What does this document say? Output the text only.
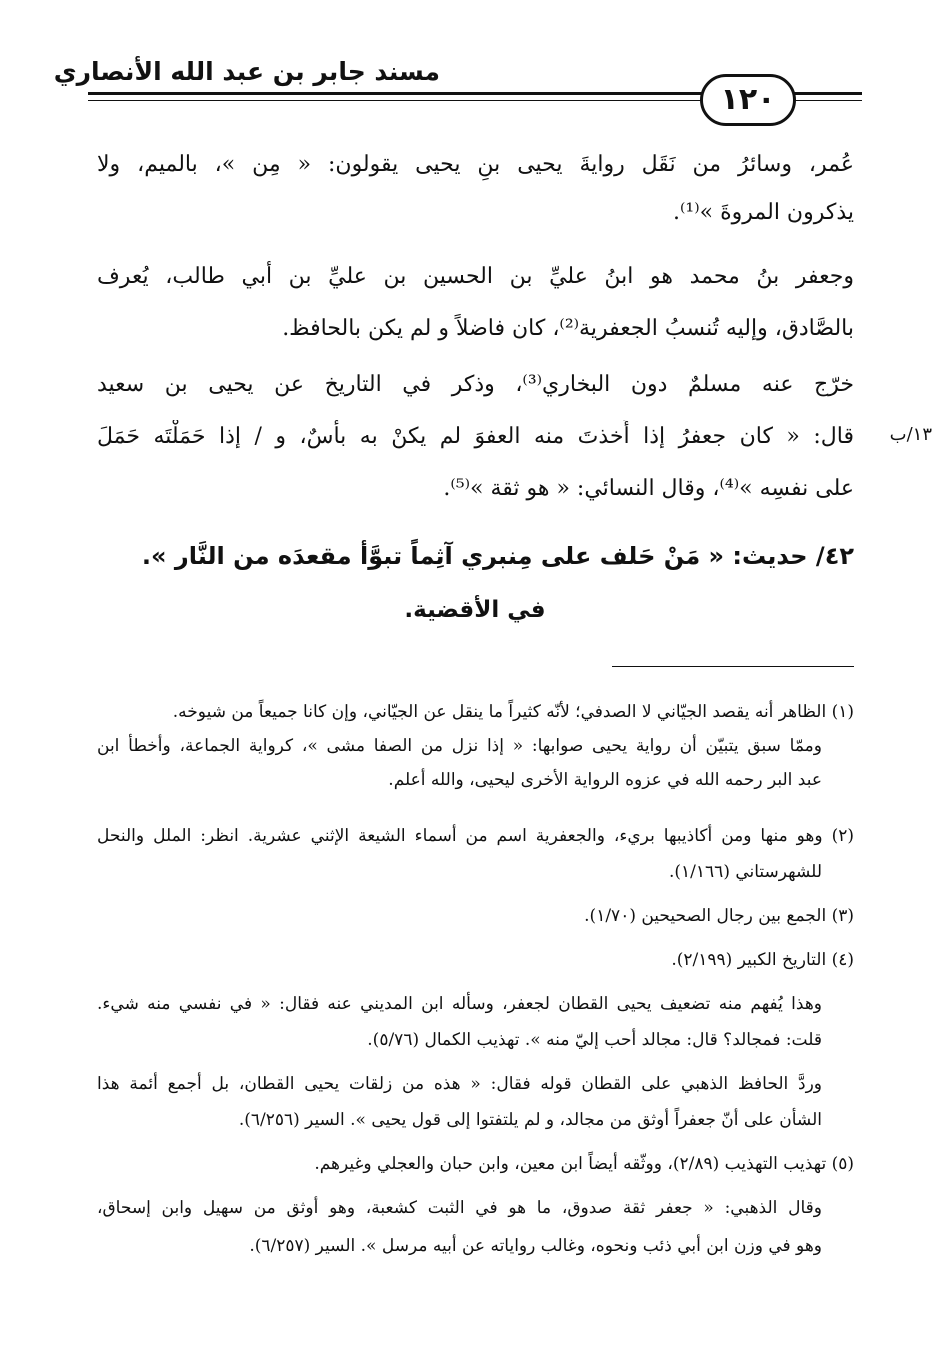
مسند جابر بن عبد الله الأنصاري
١٢٠
عُمر، وسائرُ من نَقَل روايةَ يحيى بنِ يحيى يقولون: « مِن »، بالميم، ولا
يذكرون المروةَ »⁽¹⁾.
وجعفر بنُ محمد هو ابنُ عليِّ بن الحسين بن عليِّ بن أبي طالب، يُعرف
بالصَّادق، وإليه تُنسبُ الجعفرية⁽²⁾، كان فاضلاً و لم يكن بالحافظ.
خرّج عنه مسلمٌ دون البخاري⁽³⁾، وذكر في التاريخ عن يحيى بن سعيد
قال: « كان جعفرُ إذا أَخذتَ منه العفوَ لم يكنْ به بأسٌ، و / إذا حَمَلْتَه حَمَلَ
على نفسِه »⁽⁴⁾، وقال النسائي: « هو ثقة »⁽⁵⁾.
١٣/ب
٤٢/ حديث: « مَنْ حَلف على مِنبري آثِماً تبوَّأ مقعدَه من النَّار ».
في الأقضية.
(١) الظاهر أنه يقصد الجيّاني لا الصدفي؛ لأنّه كثيراً ما ينقل عن الجيّاني، وإن كانا جميعاً من شيوخه.
وممّا سبق يتبيّن أن رواية يحيى صوابها: « إذا نزل من الصفا مشى »، كرواية الجماعة، وأخطأ ابن
عبد البر رحمه الله في عزوه الرواية الأخرى ليحيى، والله أعلم.
(٢) وهو منها ومن أكاذيبها بريء، والجعفرية اسم من أسماء الشيعة الإثني عشرية. انظر: الملل والنحل
للشهرستاني (١/١٦٦).
(٣) الجمع بين رجال الصحيحين (١/٧٠).
(٤) التاريخ الكبير (٢/١٩٩).
وهذا يُفهم منه تضعيف يحيى القطان لجعفر، وسأله ابن المديني عنه فقال: « في نفسي منه شيء.
قلت: فمجالد؟ قال: مجالد أحب إليّ منه ». تهذيب الكمال (٥/٧٦).
وردَّ الحافظ الذهبي على القطان قوله فقال: « هذه من زلقات يحيى القطان، بل أجمع أئمة هذا
الشأن على أنّ جعفراً أوثق من مجالد، و لم يلتفتوا إلى قول يحيى ». السير (٦/٢٥٦).
(٥) تهذيب التهذيب (٢/٨٩)، ووثّقه أيضاً ابن معين، وابن حبان والعجلي وغيرهم.
وقال الذهبي: « جعفر ثقة صدوق، ما هو في الثبت كشعبة، وهو أوثق من سهيل وابن إسحاق،
وهو في وزن ابن أبي ذئب ونحوه، وغالب رواياته عن أبيه مرسل ». السير (٦/٢٥٧).
